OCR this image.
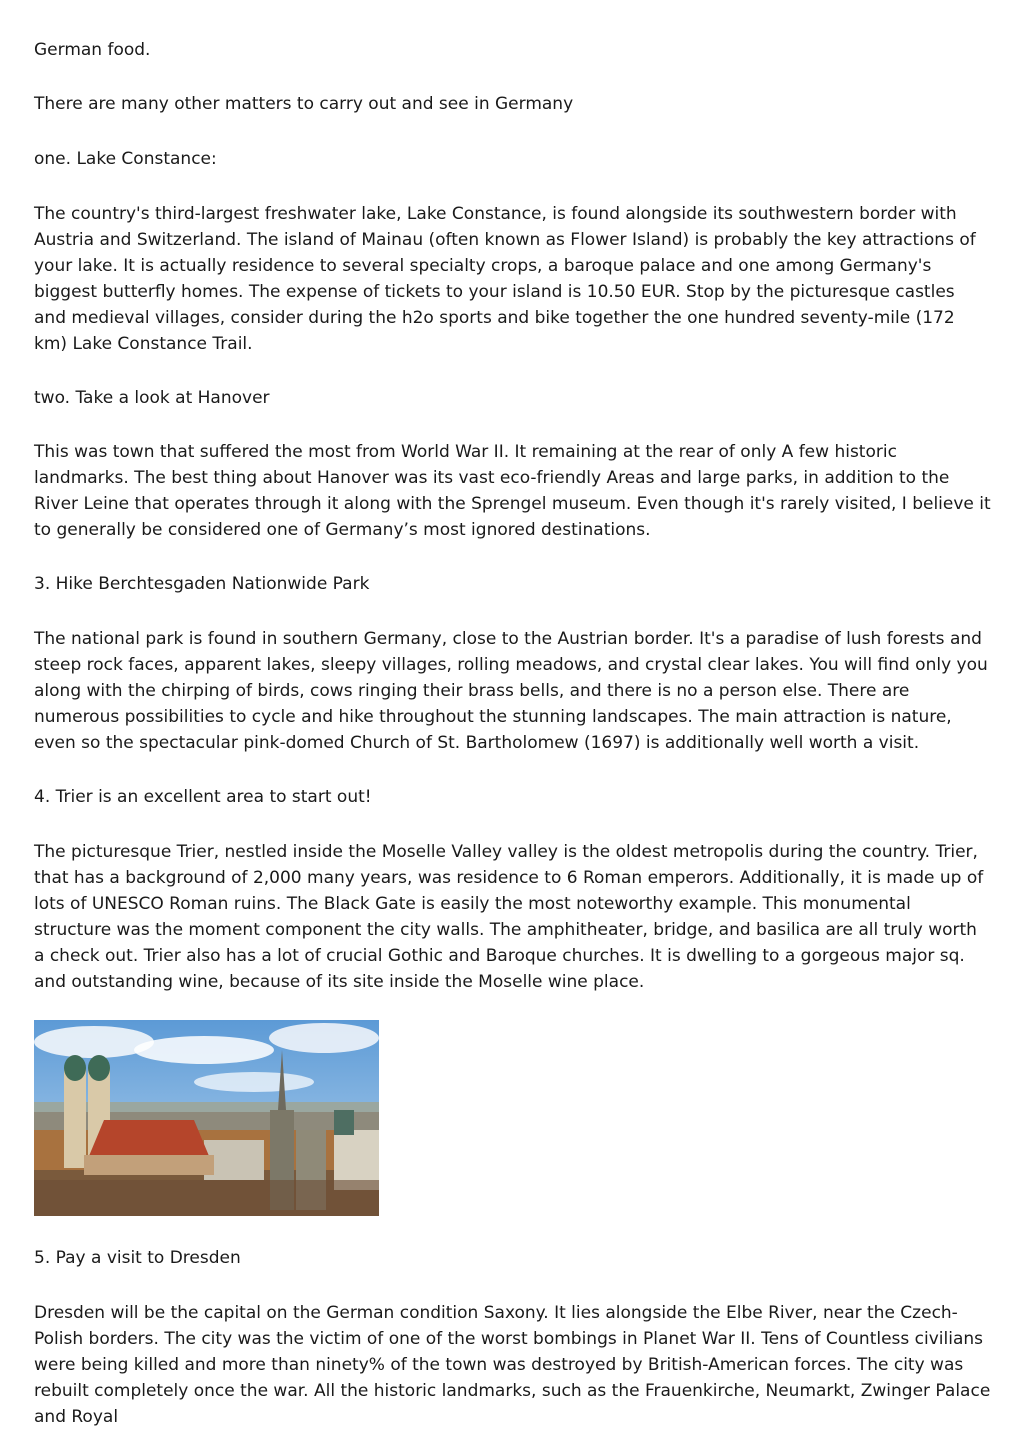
German food.

There are many other matters to carry out and see in Germany

one. Lake Constance:

The country's third-largest freshwater lake, Lake Constance, is found alongside its southwestern border with Austria and Switzerland. The island of Mainau (often known as Flower Island) is probably the key attractions of your lake. It is actually residence to several specialty crops, a baroque palace and one among Germany's biggest butterfly homes. The expense of tickets to your island is 10.50 EUR. Stop by the picturesque castles and medieval villages, consider during the h2o sports and bike together the one hundred seventy-mile (172 km) Lake Constance Trail.

two. Take a look at Hanover

This was town that suffered the most from World War II. It remaining at the rear of only A few historic landmarks. The best thing about Hanover was its vast eco-friendly Areas and large parks, in addition to the River Leine that operates through it along with the Sprengel museum. Even though it's rarely visited, I believe it to generally be considered one of Germany’s most ignored destinations.

3. Hike Berchtesgaden Nationwide Park

The national park is found in southern Germany, close to the Austrian border. It's a paradise of lush forests and steep rock faces, apparent lakes, sleepy villages, rolling meadows, and crystal clear lakes. You will find only you along with the chirping of birds, cows ringing their brass bells, and there is no a person else. There are numerous possibilities to cycle and hike throughout the stunning landscapes. The main attraction is nature, even so the spectacular pink-domed Church of St. Bartholomew (1697) is additionally well worth a visit.

4. Trier is an excellent area to start out!

The picturesque Trier, nestled inside the Moselle Valley valley is the oldest metropolis during the country. Trier, that has a background of 2,000 many years, was residence to 6 Roman emperors. Additionally, it is made up of lots of UNESCO Roman ruins. The Black Gate is easily the most noteworthy example. This monumental structure was the moment component the city walls. The amphitheater, bridge, and basilica are all truly worth a check out. Trier also has a lot of crucial Gothic and Baroque churches. It is dwelling to a gorgeous major sq. and outstanding wine, because of its site inside the Moselle wine place.

5. Pay a visit to Dresden

Dresden will be the capital on the German condition Saxony. It lies alongside the Elbe River, near the Czech-Polish borders. The city was the victim of one of the worst bombings in Planet War II. Tens of Countless civilians were being killed and more than ninety% of the town was destroyed by British-American forces. The city was rebuilt completely once the war. All the historic landmarks, such as the Frauenkirche, Neumarkt, Zwinger Palace and Royal
